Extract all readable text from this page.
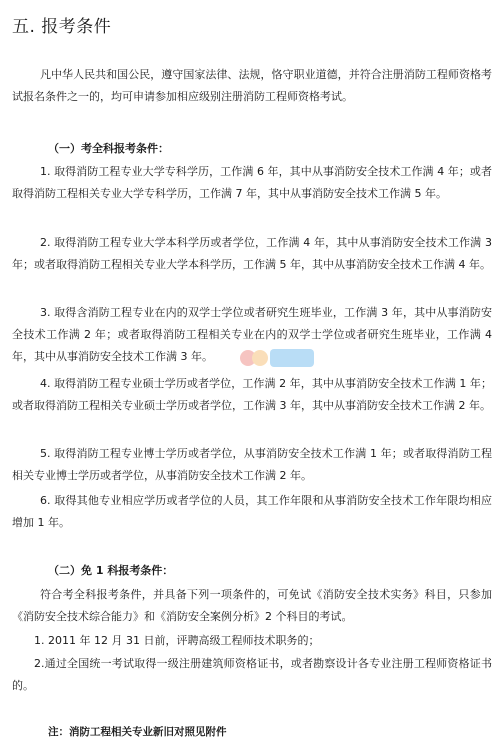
五. 报考条件

凡中华人民共和国公民，遵守国家法律、法规，恪守职业道德，并符合注册消防工程师资格考试报名条件之一的，均可申请参加相应级别注册消防工程师资格考试。

（一）考全科报考条件：

1. 取得消防工程专业大学专科学历，工作满 6 年，其中从事消防安全技术工作满 4 年；或者取得消防工程相关专业大学专科学历，工作满 7 年，其中从事消防安全技术工作满 5 年。

2. 取得消防工程专业大学本科学历或者学位，工作满 4 年，其中从事消防安全技术工作满 3 年；或者取得消防工程相关专业大学本科学历，工作满 5 年，其中从事消防安全技术工作满 4 年。

3. 取得含消防工程专业在内的双学士学位或者研究生班毕业，工作满 3 年，其中从事消防安全技术工作满 2 年；或者取得消防工程相关专业在内的双学士学位或者研究生班毕业，工作满 4 年，其中从事消防安全技术工作满 3 年。

4. 取得消防工程专业硕士学历或者学位，工作满 2 年，其中从事消防安全技术工作满 1 年；或者取得消防工程相关专业硕士学历或者学位，工作满 3 年，其中从事消防安全技术工作满 2 年。

5. 取得消防工程专业博士学历或者学位，从事消防安全技术工作满 1 年；或者取得消防工程相关专业博士学历或者学位，从事消防安全技术工作满 2 年。

6. 取得其他专业相应学历或者学位的人员，其工作年限和从事消防安全技术工作年限均相应增加 1 年。

（二）免 1 科报考条件：

符合考全科报考条件，并具备下列一项条件的，可免试《消防安全技术实务》科目，只参加《消防安全技术综合能力》和《消防安全案例分析》2 个科目的考试。

1. 2011 年 12 月 31 日前，评聘高级工程师技术职务的；

2.通过全国统一考试取得一级注册建筑师资格证书，或者勘察设计各专业注册工程师资格证书的。

注：消防工程相关专业新旧对照见附件
